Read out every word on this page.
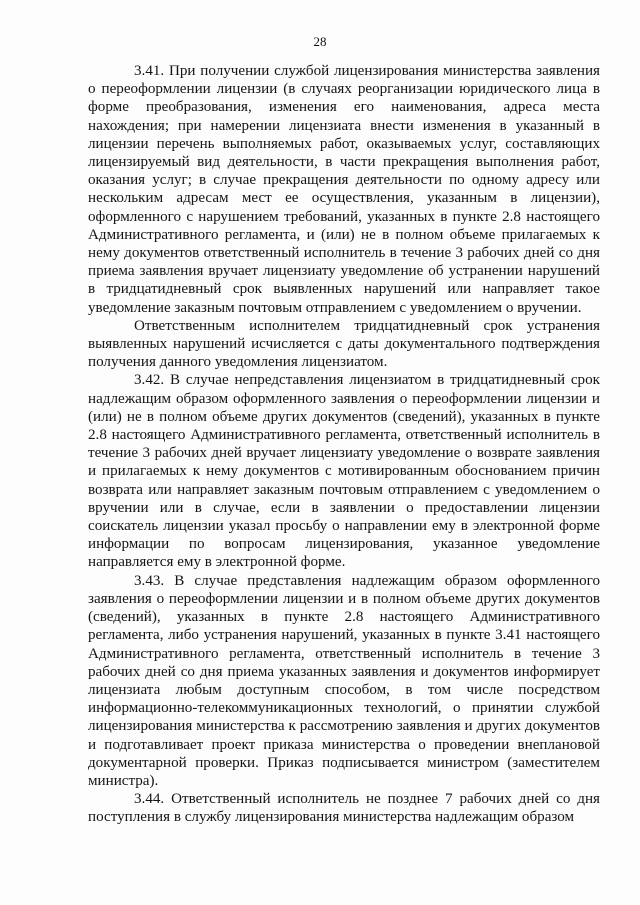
28

3.41. При получении службой лицензирования министерства заявления о переоформлении лицензии (в случаях реорганизации юридического лица в форме преобразования, изменения его наименования, адреса места нахождения; при намерении лицензиата внести изменения в указанный в лицензии перечень выполняемых работ, оказываемых услуг, составляющих лицензируемый вид деятельности, в части прекращения выполнения работ, оказания услуг; в случае прекращения деятельности по одному адресу или нескольким адресам мест ее осуществления, указанным в лицензии), оформленного с нарушением требований, указанных в пункте 2.8 настоящего Административного регламента, и (или) не в полном объеме прилагаемых к нему документов ответственный исполнитель в течение 3 рабочих дней со дня приема заявления вручает лицензиату уведомление об устранении нарушений в тридцатидневный срок выявленных нарушений или направляет такое уведомление заказным почтовым отправлением с уведомлением о вручении.

Ответственным исполнителем тридцатидневный срок устранения выявленных нарушений исчисляется с даты документального подтверждения получения данного уведомления лицензиатом.

3.42. В случае непредставления лицензиатом в тридцатидневный срок надлежащим образом оформленного заявления о переоформлении лицензии и (или) не в полном объеме других документов (сведений), указанных в пункте 2.8 настоящего Административного регламента, ответственный исполнитель в течение 3 рабочих дней вручает лицензиату уведомление о возврате заявления и прилагаемых к нему документов с мотивированным обоснованием причин возврата или направляет заказным почтовым отправлением с уведомлением о вручении или в случае, если в заявлении о предоставлении лицензии соискатель лицензии указал просьбу о направлении ему в электронной форме информации по вопросам лицензирования, указанное уведомление направляется ему в электронной форме.

3.43. В случае представления надлежащим образом оформленного заявления о переоформлении лицензии и в полном объеме других документов (сведений), указанных в пункте 2.8 настоящего Административного регламента, либо устранения нарушений, указанных в пункте 3.41 настоящего Административного регламента, ответственный исполнитель в течение 3 рабочих дней со дня приема указанных заявления и документов информирует лицензиата любым доступным способом, в том числе посредством информационно-телекоммуникационных технологий, о принятии службой лицензирования министерства к рассмотрению заявления и других документов и подготавливает проект приказа министерства о проведении внеплановой документарной проверки. Приказ подписывается министром (заместителем министра).

3.44. Ответственный исполнитель не позднее 7 рабочих дней со дня поступления в службу лицензирования министерства надлежащим образом
